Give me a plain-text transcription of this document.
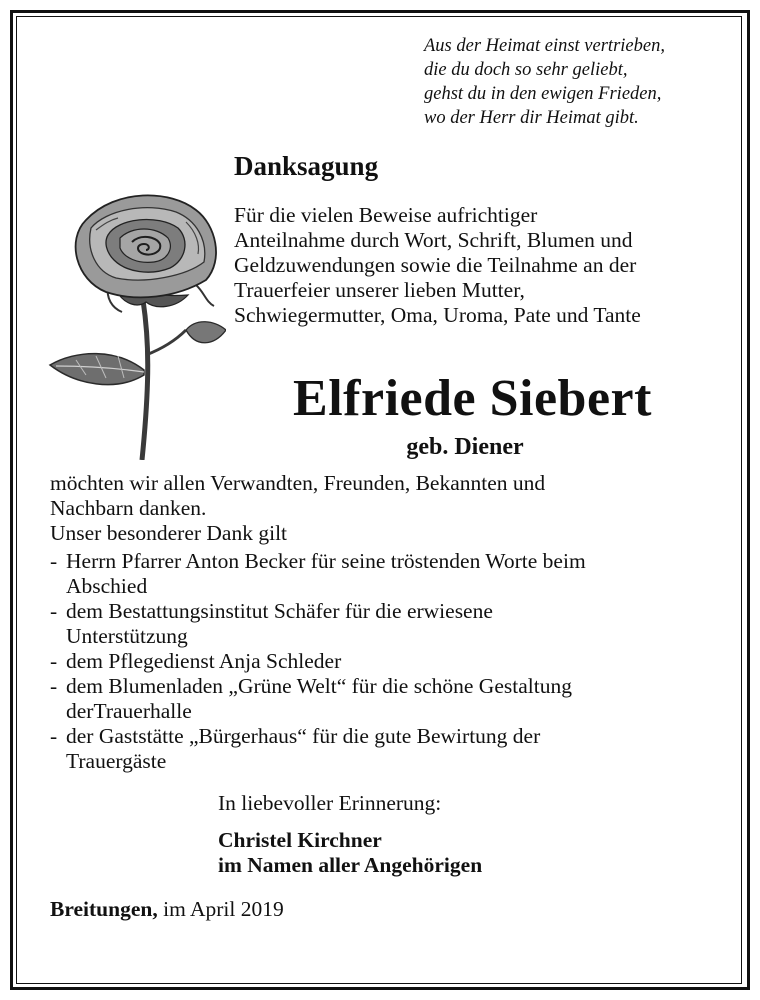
Aus der Heimat einst vertrieben,
die du doch so sehr geliebt,
gehst du in den ewigen Frieden,
wo der Herr dir Heimat gibt.
Danksagung
Für die vielen Beweise aufrichtiger
Anteilnahme durch Wort, Schrift, Blumen und
Geldzuwendungen sowie die Teilnahme an der
Trauerfeier unserer lieben Mutter,
Schwiegermutter, Oma, Uroma, Pate und Tante
Elfriede Siebert
geb. Diener
möchten wir allen Verwandten, Freunden, Bekannten und
Nachbarn danken.
Unser besonderer Dank gilt
- Herrn Pfarrer Anton Becker für seine tröstenden Worte beim
Abschied
- dem Bestattungsinstitut Schäfer für die erwiesene
Unterstützung
- dem Pflegedienst Anja Schleder
- dem Blumenladen „Grüne Welt“ für die schöne Gestaltung
derTrauerhalle
- der Gaststätte „Bürgerhaus“ für die gute Bewirtung der
Trauergäste
In liebevoller Erinnerung:
Christel Kirchner
im Namen aller Angehörigen
Breitungen, im April 2019
